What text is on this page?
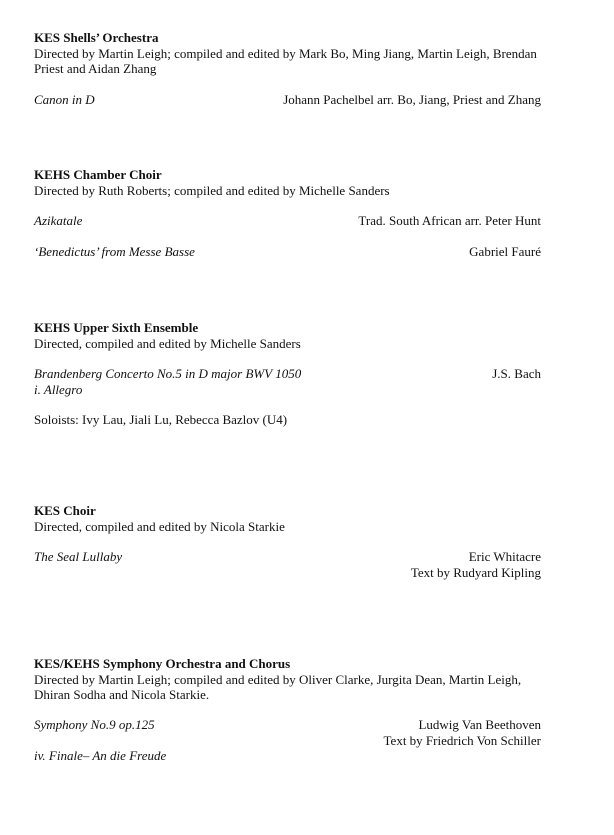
KES Shells’ Orchestra
Directed by Martin Leigh; compiled and edited by Mark Bo, Ming Jiang, Martin Leigh, Brendan Priest and Aidan Zhang
Canon in D	Johann Pachelbel arr. Bo, Jiang, Priest and Zhang
KEHS Chamber Choir
Directed by Ruth Roberts; compiled and edited by Michelle Sanders
Azikatale	Trad. South African arr. Peter Hunt
‘Benedictus’ from Messe Basse	Gabriel Fauré
KEHS Upper Sixth Ensemble
Directed, compiled and edited by Michelle Sanders
Brandenberg Concerto No.5 in D major BWV 1050	J.S. Bach
i. Allegro
Soloists: Ivy Lau, Jiali Lu, Rebecca Bazlov (U4)
KES Choir
Directed, compiled and edited by Nicola Starkie
The Seal Lullaby	Eric Whitacre
Text by Rudyard Kipling
KES/KEHS Symphony Orchestra and Chorus
Directed by Martin Leigh; compiled and edited by Oliver Clarke, Jurgita Dean, Martin Leigh, Dhiran Sodha and Nicola Starkie.
Symphony No.9 op.125	Ludwig Van Beethoven
Text by Friedrich Von Schiller
iv. Finale– An die Freude
